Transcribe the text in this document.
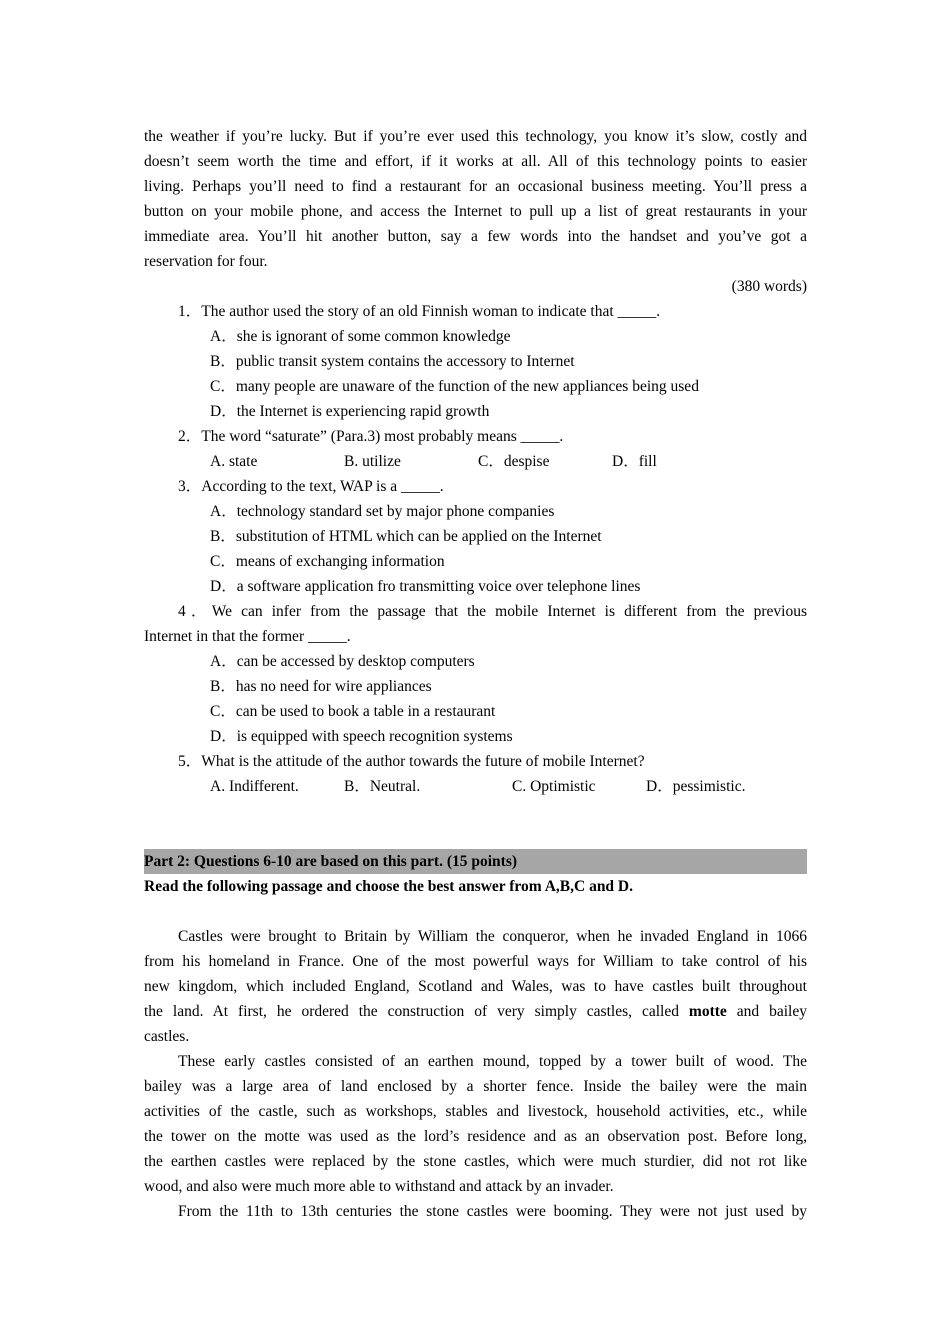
the weather if you’re lucky. But if you’re ever used this technology, you know it’s slow, costly and
doesn’t seem worth the time and effort, if it works at all. All of this technology points to easier
living. Perhaps you’ll need to find a restaurant for an occasional business meeting. You’ll press a
button on your mobile phone, and access the Internet to pull up a list of great restaurants in your
immediate area. You’ll hit another button, say a few words into the handset and you’ve got a
reservation for four.
(380 words)
1．The author used the story of an old Finnish woman to indicate that _____.
A．she is ignorant of some common knowledge
B．public transit system contains the accessory to Internet
C．many people are unaware of the function of the new appliances being used
D．the Internet is experiencing rapid growth
2．The word “saturate” (Para.3) most probably means _____.
A. state	B. utilize	C．despise	D．fill
3．According to the text, WAP is a _____.
A．technology standard set by major phone companies
B．substitution of HTML which can be applied on the Internet
C．means of exchanging information
D．a software application fro transmitting voice over telephone lines
4．We can infer from the passage that the mobile Internet is different from the previous
Internet in that the former _____.
A．can be accessed by desktop computers
B．has no need for wire appliances
C．can be used to book a table in a restaurant
D．is equipped with speech recognition systems
5．What is the attitude of the author towards the future of mobile Internet?
A. Indifferent.	B．Neutral.	C. Optimistic	D．pessimistic.
Part 2: Questions 6-10 are based on this part. (15 points)
Read the following passage and choose the best answer from A,B,C and D.
Castles were brought to Britain by William the conqueror, when he invaded England in 1066
from his homeland in France. One of the most powerful ways for William to take control of his
new kingdom, which included England, Scotland and Wales, was to have castles built throughout
the land. At first, he ordered the construction of very simply castles, called motte and bailey
castles.
These early castles consisted of an earthen mound, topped by a tower built of wood. The
bailey was a large area of land enclosed by a shorter fence. Inside the bailey were the main
activities of the castle, such as workshops, stables and livestock, household activities, etc., while
the tower on the motte was used as the lord’s residence and as an observation post. Before long,
the earthen castles were replaced by the stone castles, which were much sturdier, did not rot like
wood, and also were much more able to withstand and attack by an invader.
From the 11th to 13th centuries the stone castles were booming. They were not just used by
